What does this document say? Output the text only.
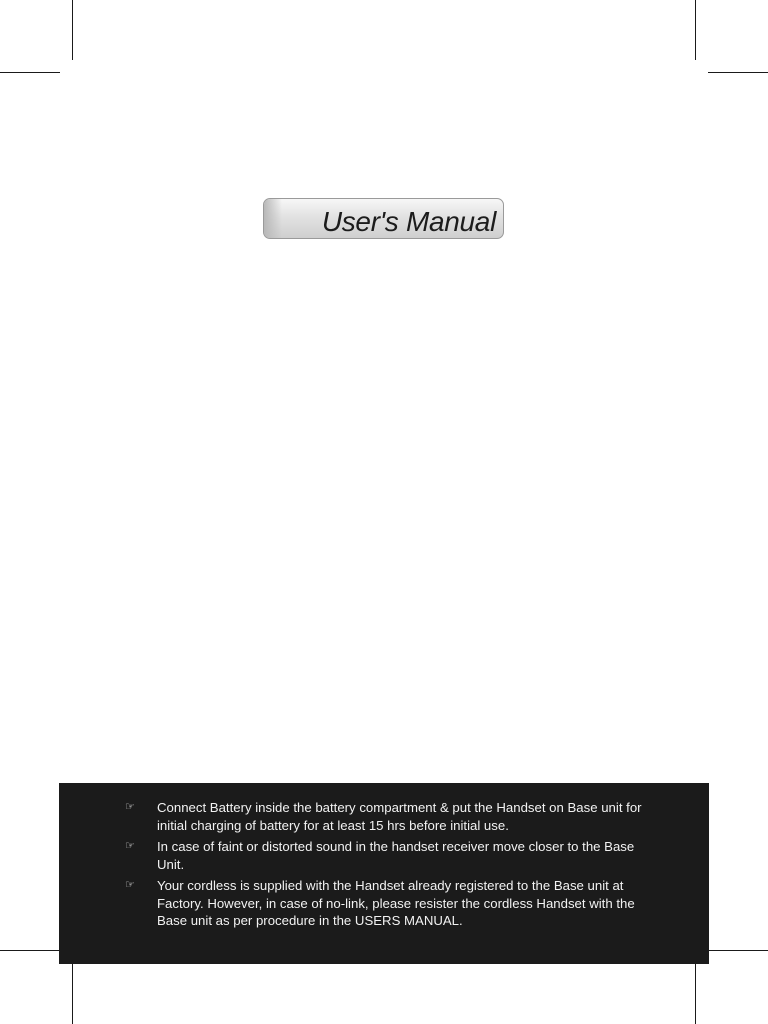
User's Manual
☞ Connect Battery inside the battery compartment & put the Handset on Base unit for initial charging of battery for at least 15 hrs before initial use.
☞ In case of faint or distorted sound in the handset receiver move closer to the Base Unit.
☞ Your cordless is supplied with the Handset already registered to the Base unit at Factory. However, in case of no-link, please resister the cordless Handset with the Base unit as per procedure in the USERS MANUAL.
